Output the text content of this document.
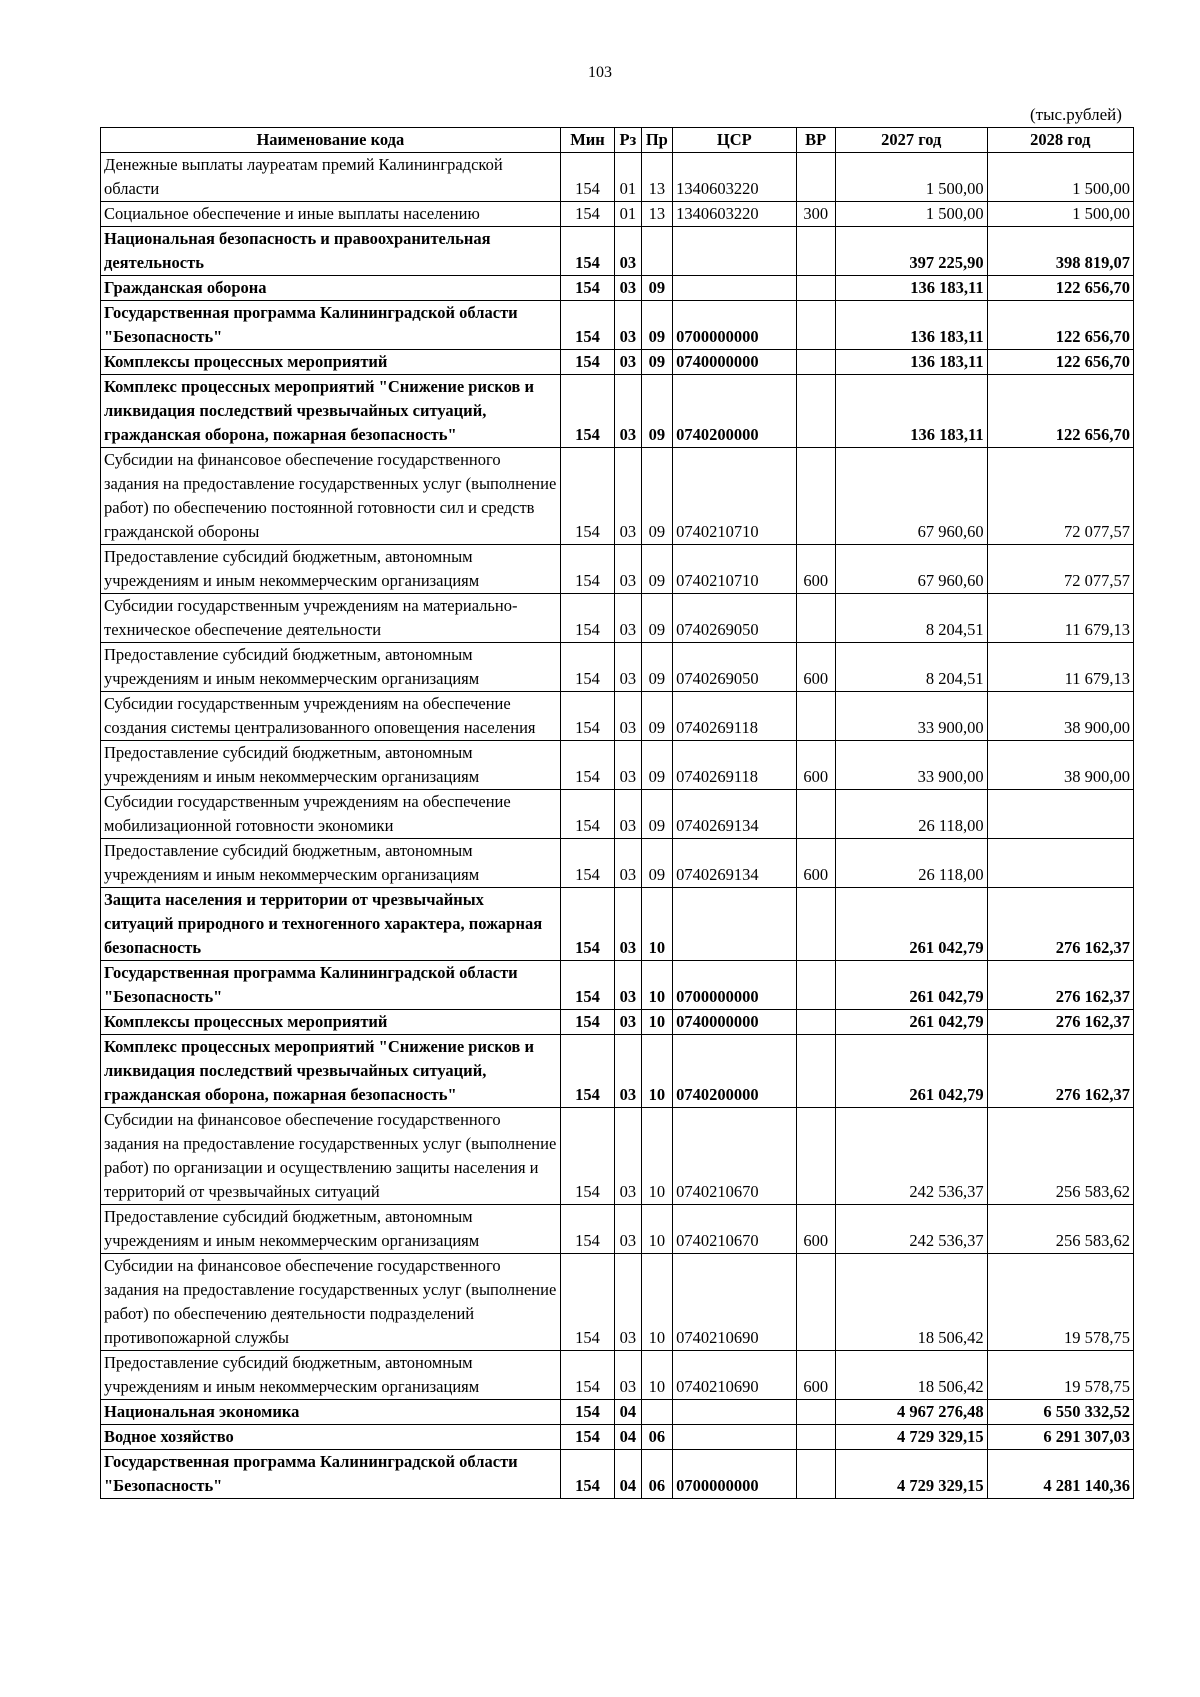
103
(тыс.рублей)
Наименование кода	Мин	Рз	Пр	ЦСР	ВР	2027 год	2028 год
Денежные выплаты лауреатам премий Калининградской области	154	01	13	1340603220		1 500,00	1 500,00
Социальное обеспечение и иные выплаты населению	154	01	13	1340603220	300	1 500,00	1 500,00
Национальная безопасность и правоохранительная деятельность	154	03				397 225,90	398 819,07
Гражданская оборона	154	03	09			136 183,11	122 656,70
Государственная программа Калининградской области "Безопасность"	154	03	09	0700000000		136 183,11	122 656,70
Комплексы процессных мероприятий	154	03	09	0740000000		136 183,11	122 656,70
Комплекс процессных мероприятий "Снижение рисков и ликвидация последствий чрезвычайных ситуаций, гражданская оборона, пожарная безопасность"	154	03	09	0740200000		136 183,11	122 656,70
Субсидии на финансовое обеспечение государственного задания на предоставление государственных услуг (выполнение работ) по обеспечению постоянной готовности сил и средств гражданской обороны	154	03	09	0740210710		67 960,60	72 077,57
Предоставление субсидий бюджетным, автономным учреждениям и иным некоммерческим организациям	154	03	09	0740210710	600	67 960,60	72 077,57
Субсидии государственным учреждениям на материально-техническое обеспечение деятельности	154	03	09	0740269050		8 204,51	11 679,13
Предоставление субсидий бюджетным, автономным учреждениям и иным некоммерческим организациям	154	03	09	0740269050	600	8 204,51	11 679,13
Субсидии государственным учреждениям на обеспечение создания системы централизованного оповещения населения	154	03	09	0740269118		33 900,00	38 900,00
Предоставление субсидий бюджетным, автономным учреждениям и иным некоммерческим организациям	154	03	09	0740269118	600	33 900,00	38 900,00
Субсидии государственным учреждениям на обеспечение мобилизационной готовности экономики	154	03	09	0740269134		26 118,00	
Предоставление субсидий бюджетным, автономным учреждениям и иным некоммерческим организациям	154	03	09	0740269134	600	26 118,00	
Защита населения и территории от чрезвычайных ситуаций природного и техногенного характера, пожарная безопасность	154	03	10			261 042,79	276 162,37
Государственная программа Калининградской области "Безопасность"	154	03	10	0700000000		261 042,79	276 162,37
Комплексы процессных мероприятий	154	03	10	0740000000		261 042,79	276 162,37
Комплекс процессных мероприятий "Снижение рисков и ликвидация последствий чрезвычайных ситуаций, гражданская оборона, пожарная безопасность"	154	03	10	0740200000		261 042,79	276 162,37
Субсидии на финансовое обеспечение государственного задания на предоставление государственных услуг (выполнение работ) по организации и осуществлению защиты населения и территорий от чрезвычайных ситуаций	154	03	10	0740210670		242 536,37	256 583,62
Предоставление субсидий бюджетным, автономным учреждениям и иным некоммерческим организациям	154	03	10	0740210670	600	242 536,37	256 583,62
Субсидии на финансовое обеспечение государственного задания на предоставление государственных услуг (выполнение работ) по обеспечению деятельности подразделений противопожарной службы	154	03	10	0740210690		18 506,42	19 578,75
Предоставление субсидий бюджетным, автономным учреждениям и иным некоммерческим организациям	154	03	10	0740210690	600	18 506,42	19 578,75
Национальная экономика	154	04				4 967 276,48	6 550 332,52
Водное хозяйство	154	04	06			4 729 329,15	6 291 307,03
Государственная программа Калининградской области "Безопасность"	154	04	06	0700000000		4 729 329,15	4 281 140,36
